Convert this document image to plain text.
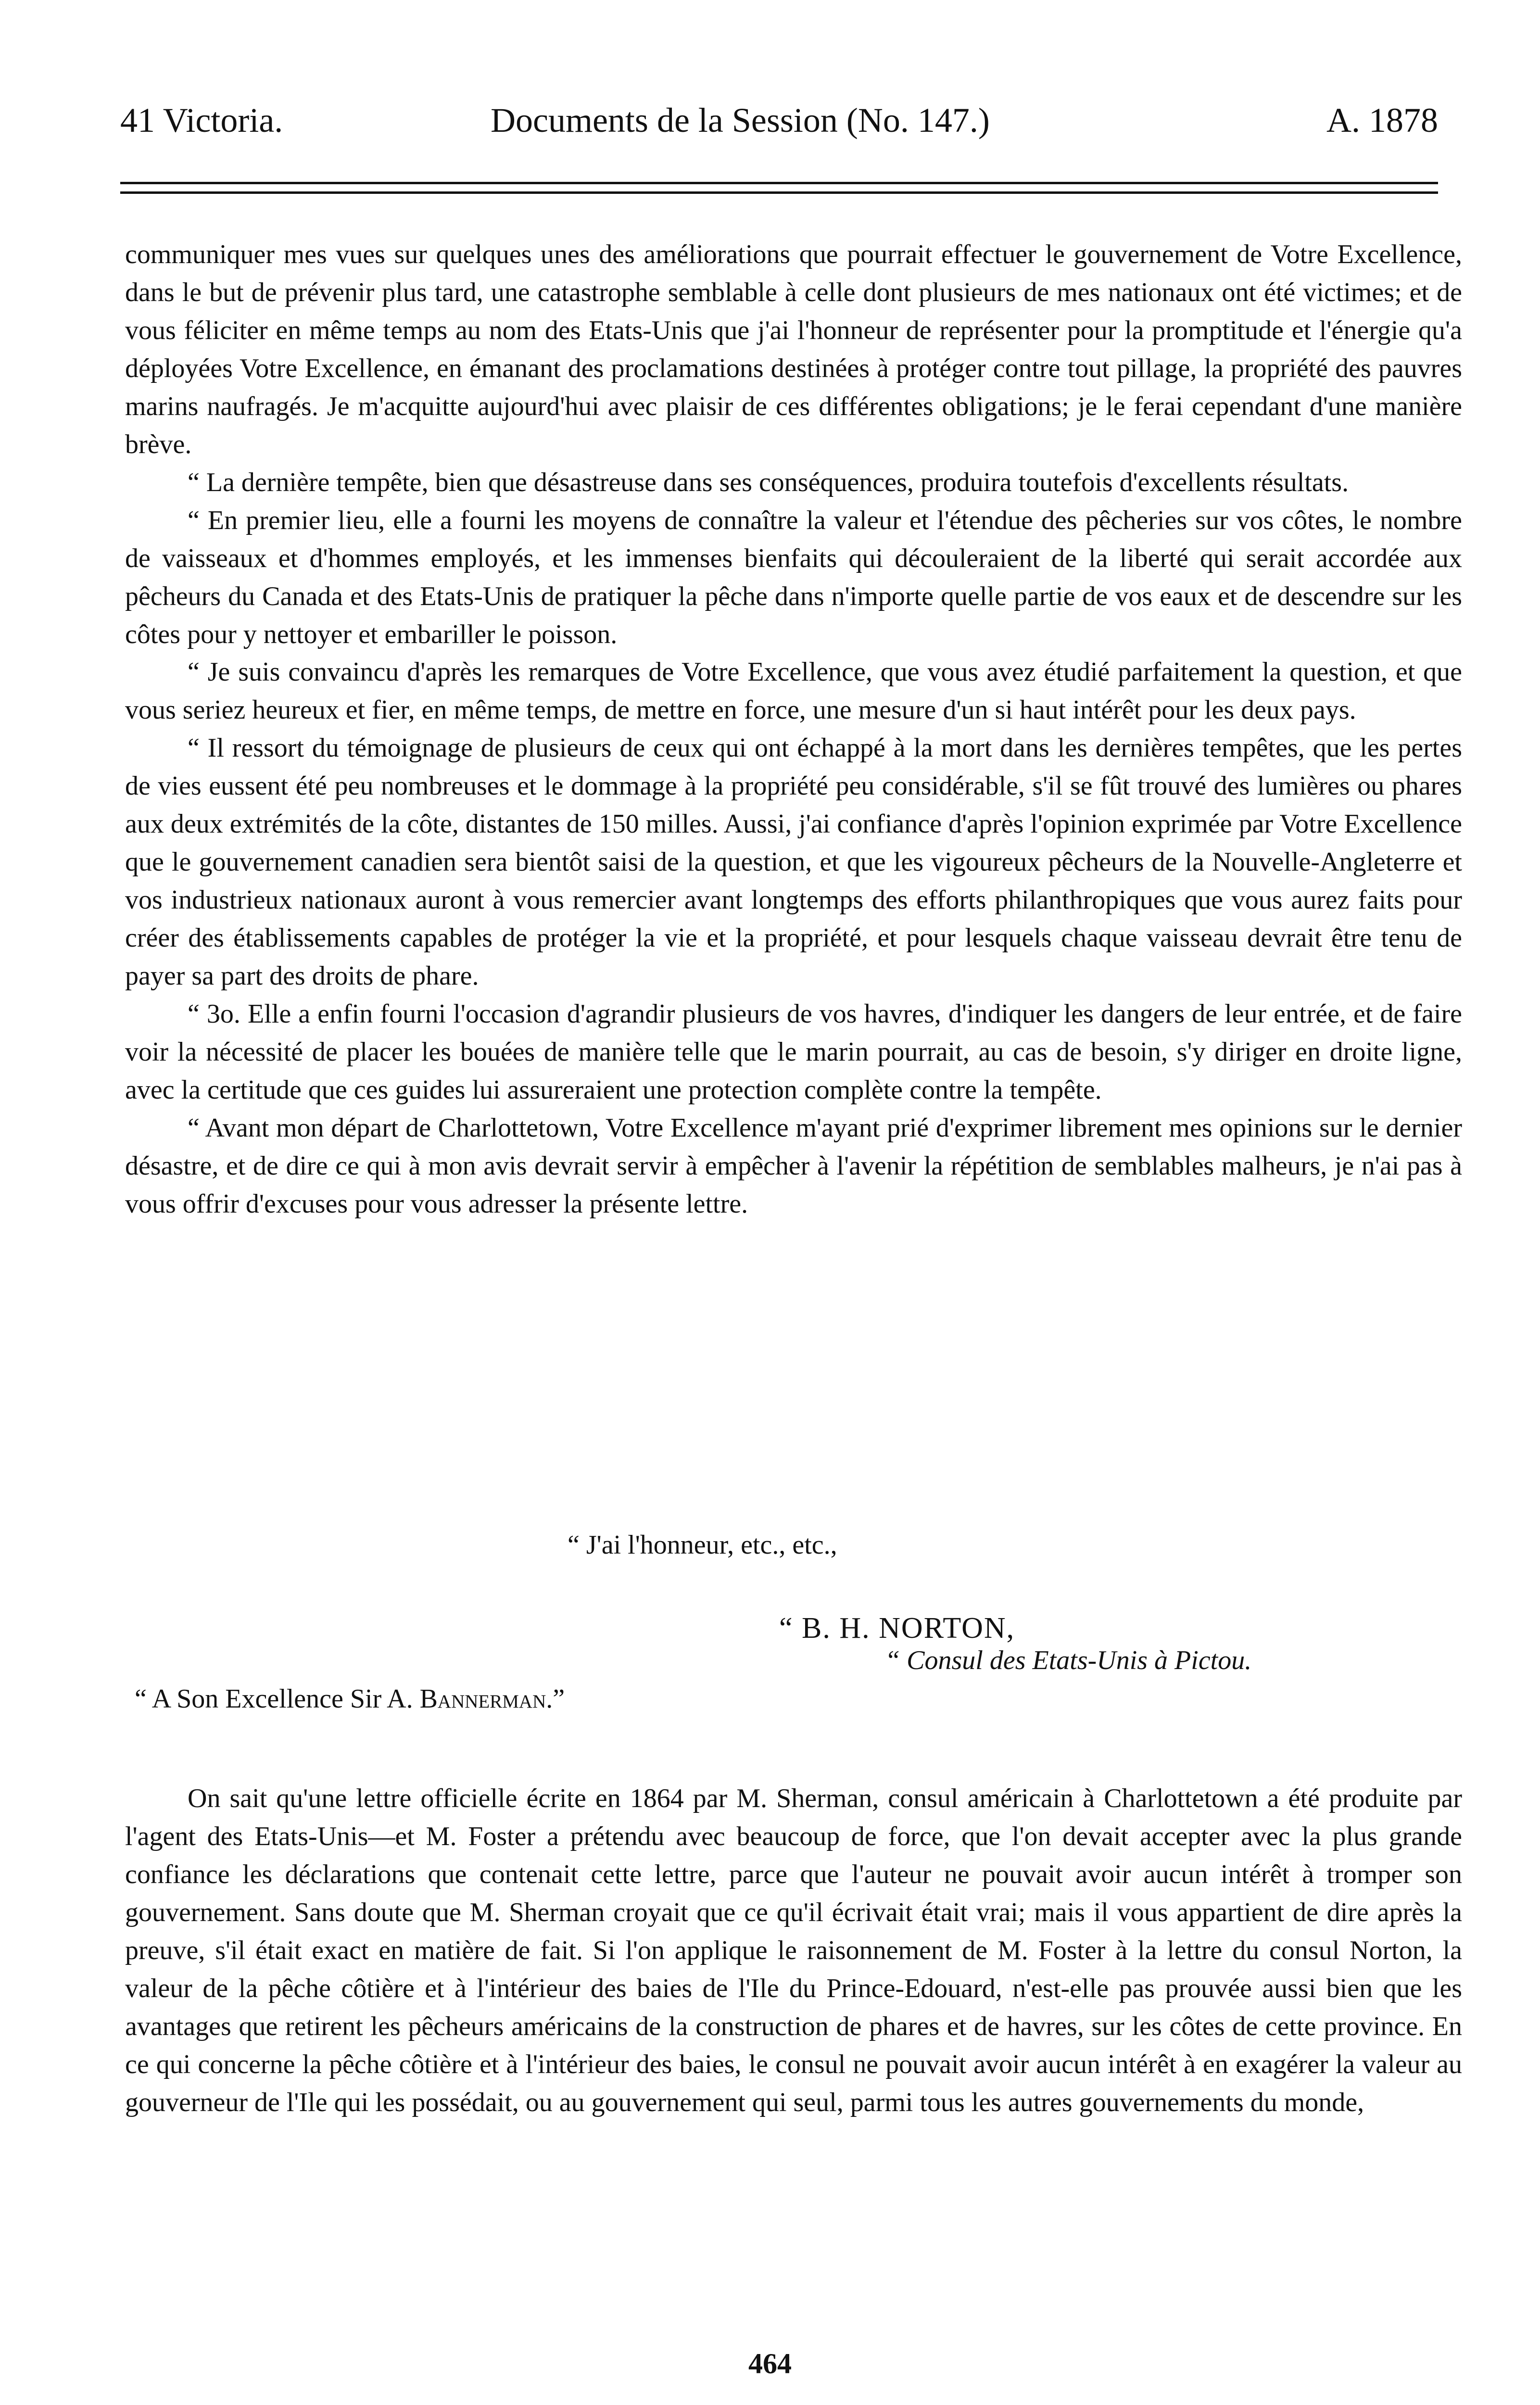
41 Victoria.	Documents de la Session (No. 147.)	A. 1878

communiquer mes vues sur quelques unes des améliorations que pourrait effectuer le gouvernement de Votre Excellence, dans le but de prévenir plus tard, une catastrophe semblable à celle dont plusieurs de mes nationaux ont été victimes; et de vous féliciter en même temps au nom des Etats-Unis que j'ai l'honneur de représenter pour la promptitude et l'énergie qu'a déployées Votre Excellence, en émanant des proclamations destinées à protéger contre tout pillage, la propriété des pauvres marins naufragés. Je m'acquitte aujourd'hui avec plaisir de ces différentes obligations; je le ferai cependant d'une manière brève.

“ La dernière tempête, bien que désastreuse dans ses conséquences, produira toutefois d'excellents résultats.

“ En premier lieu, elle a fourni les moyens de connaître la valeur et l'étendue des pêcheries sur vos côtes, le nombre de vaisseaux et d'hommes employés, et les immenses bienfaits qui découleraient de la liberté qui serait accordée aux pêcheurs du Canada et des Etats-Unis de pratiquer la pêche dans n'importe quelle partie de vos eaux et de descendre sur les côtes pour y nettoyer et embariller le poisson.

“ Je suis convaincu d'après les remarques de Votre Excellence, que vous avez étudié parfaitement la question, et que vous seriez heureux et fier, en même temps, de mettre en force, une mesure d'un si haut intérêt pour les deux pays.

“ Il ressort du témoignage de plusieurs de ceux qui ont échappé à la mort dans les dernières tempêtes, que les pertes de vies eussent été peu nombreuses et le dommage à la propriété peu considérable, s'il se fût trouvé des lumières ou phares aux deux extrémités de la côte, distantes de 150 milles. Aussi, j'ai confiance d'après l'opinion exprimée par Votre Excellence que le gouvernement canadien sera bientôt saisi de la question, et que les vigoureux pêcheurs de la Nouvelle-Angleterre et vos industrieux nationaux auront à vous remercier avant longtemps des efforts philanthropiques que vous aurez faits pour créer des établissements capables de protéger la vie et la propriété, et pour lesquels chaque vaisseau devrait être tenu de payer sa part des droits de phare.

“ 3o. Elle a enfin fourni l'occasion d'agrandir plusieurs de vos havres, d'indiquer les dangers de leur entrée, et de faire voir la nécessité de placer les bouées de manière telle que le marin pourrait, au cas de besoin, s'y diriger en droite ligne, avec la certitude que ces guides lui assureraient une protection complète contre la tempête.

“ Avant mon départ de Charlottetown, Votre Excellence m'ayant prié d'exprimer librement mes opinions sur le dernier désastre, et de dire ce qui à mon avis devrait servir à empêcher à l'avenir la répétition de semblables malheurs, je n'ai pas à vous offrir d'excuses pour vous adresser la présente lettre.

“ J'ai l'honneur, etc., etc.,
“ B. H. NORTON,
“ Consul des Etats-Unis à Pictou.
“ A Son Excellence Sir A. Bannerman.”

On sait qu'une lettre officielle écrite en 1864 par M. Sherman, consul américain à Charlottetown a été produite par l'agent des Etats-Unis—et M. Foster a prétendu avec beaucoup de force, que l'on devait accepter avec la plus grande confiance les déclarations que contenait cette lettre, parce que l'auteur ne pouvait avoir aucun intérêt à tromper son gouvernement. Sans doute que M. Sherman croyait que ce qu'il écrivait était vrai; mais il vous appartient de dire après la preuve, s'il était exact en matière de fait. Si l'on applique le raisonnement de M. Foster à la lettre du consul Norton, la valeur de la pêche côtière et à l'intérieur des baies de l'Ile du Prince-Edouard, n'est-elle pas prouvée aussi bien que les avantages que retirent les pêcheurs américains de la construction de phares et de havres, sur les côtes de cette province. En ce qui concerne la pêche côtière et à l'intérieur des baies, le consul ne pouvait avoir aucun intérêt à en exagérer la valeur au gouverneur de l'Ile qui les possédait, ou au gouvernement qui seul, parmi tous les autres gouvernements du monde,

464
